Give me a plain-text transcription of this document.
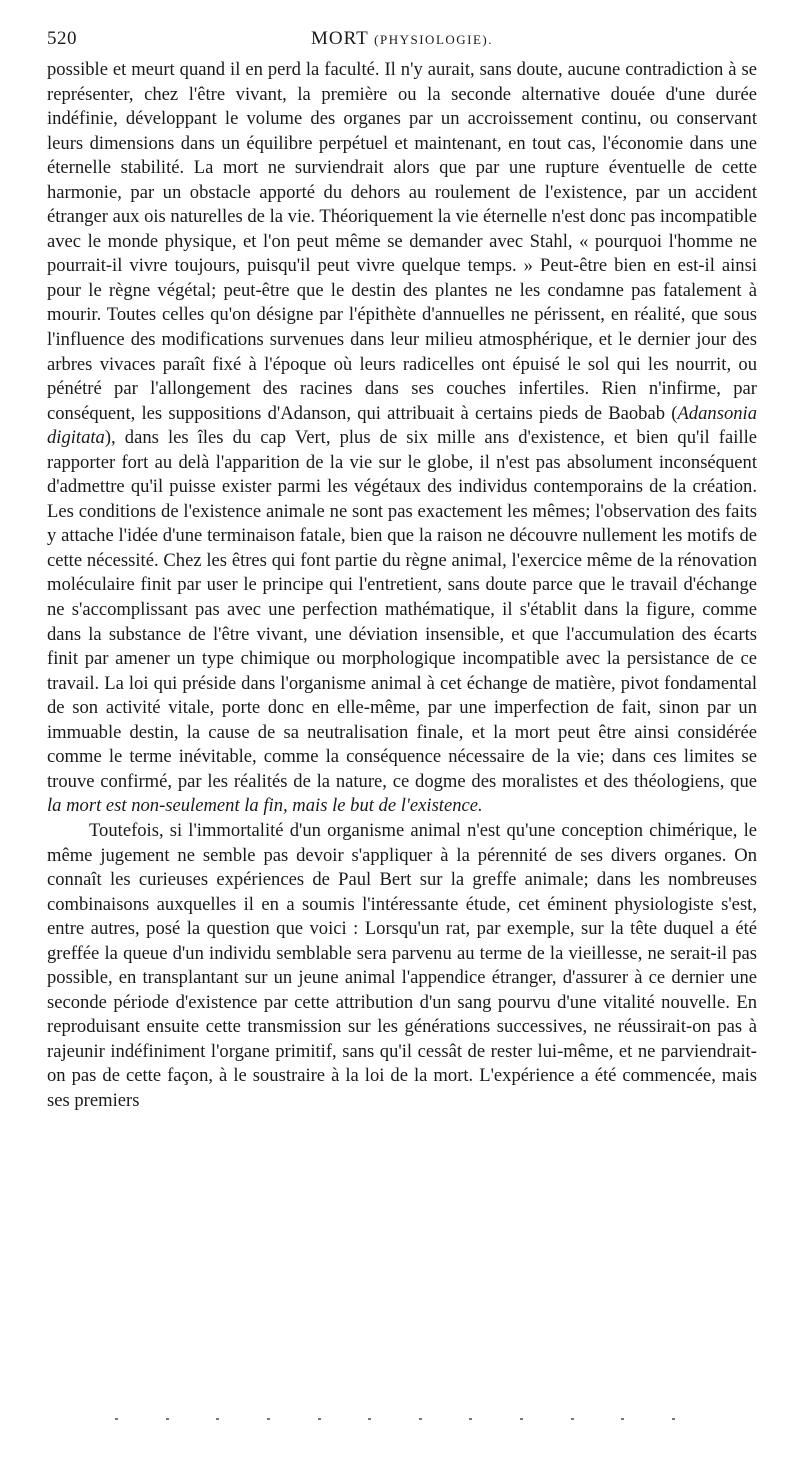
520	MORT (PHYSIOLOGIE).

possible et meurt quand il en perd la faculté. Il n'y aurait, sans doute, aucune contradiction à se représenter, chez l'être vivant, la première ou la seconde alternative douée d'une durée indéfinie, développant le volume des organes par un accroissement continu, ou conservant leurs dimensions dans un équilibre perpétuel et maintenant, en tout cas, l'économie dans une éternelle stabilité. La mort ne surviendrait alors que par une rupture éventuelle de cette harmonie, par un obstacle apporté du dehors au roulement de l'existence, par un accident étranger aux ois naturelles de la vie. Théoriquement la vie éternelle n'est donc pas incompatible avec le monde physique, et l'on peut même se demander avec Stahl, « pourquoi l'homme ne pourrait-il vivre toujours, puisqu'il peut vivre quelque temps. » Peut-être bien en est-il ainsi pour le règne végétal; peut-être que le destin des plantes ne les condamne pas fatalement à mourir. Toutes celles qu'on désigne par l'épithète d'annuelles ne périssent, en réalité, que sous l'influence des modifications survenues dans leur milieu atmosphérique, et le dernier jour des arbres vivaces paraît fixé à l'époque où leurs radicelles ont épuisé le sol qui les nourrit, ou pénétré par l'allongement des racines dans ses couches infertiles. Rien n'infirme, par conséquent, les suppositions d'Adanson, qui attribuait à certains pieds de Baobab (Adansonia digitata), dans les îles du cap Vert, plus de six mille ans d'existence, et bien qu'il faille rapporter fort au delà l'apparition de la vie sur le globe, il n'est pas absolument inconséquent d'admettre qu'il puisse exister parmi les végétaux des individus contemporains de la création. Les conditions de l'existence animale ne sont pas exactement les mêmes; l'observation des faits y attache l'idée d'une terminaison fatale, bien que la raison ne découvre nullement les motifs de cette nécessité. Chez les êtres qui font partie du règne animal, l'exercice même de la rénovation moléculaire finit par user le principe qui l'entretient, sans doute parce que le travail d'échange ne s'accomplissant pas avec une perfection mathématique, il s'établit dans la figure, comme dans la substance de l'être vivant, une déviation insensible, et que l'accumulation des écarts finit par amener un type chimique ou morphologique incompatible avec la persistance de ce travail. La loi qui préside dans l'organisme animal à cet échange de matière, pivot fondamental de son activité vitale, porte donc en elle-même, par une imperfection de fait, sinon par un immuable destin, la cause de sa neutralisation finale, et la mort peut être ainsi considérée comme le terme inévitable, comme la conséquence nécessaire de la vie; dans ces limites se trouve confirmé, par les réalités de la nature, ce dogme des moralistes et des théologiens, que la mort est non-seulement la fin, mais le but de l'existence.

Toutefois, si l'immortalité d'un organisme animal n'est qu'une conception chimérique, le même jugement ne semble pas devoir s'appliquer à la pérennité de ses divers organes. On connaît les curieuses expériences de Paul Bert sur la greffe animale; dans les nombreuses combinaisons auxquelles il en a soumis l'intéressante étude, cet éminent physiologiste s'est, entre autres, posé la question que voici : Lorsqu'un rat, par exemple, sur la tête duquel a été greffée la queue d'un individu semblable sera parvenu au terme de la vieillesse, ne serait-il pas possible, en transplantant sur un jeune animal l'appendice étranger, d'assurer à ce dernier une seconde période d'existence par cette attribution d'un sang pourvu d'une vitalité nouvelle. En reproduisant ensuite cette transmission sur les générations successives, ne réussirait-on pas à rajeunir indéfiniment l'organe primitif, sans qu'il cessât de rester lui-même, et ne parviendrait-on pas de cette façon, à le soustraire à la loi de la mort. L'expérience a été commencée, mais ses premiers
